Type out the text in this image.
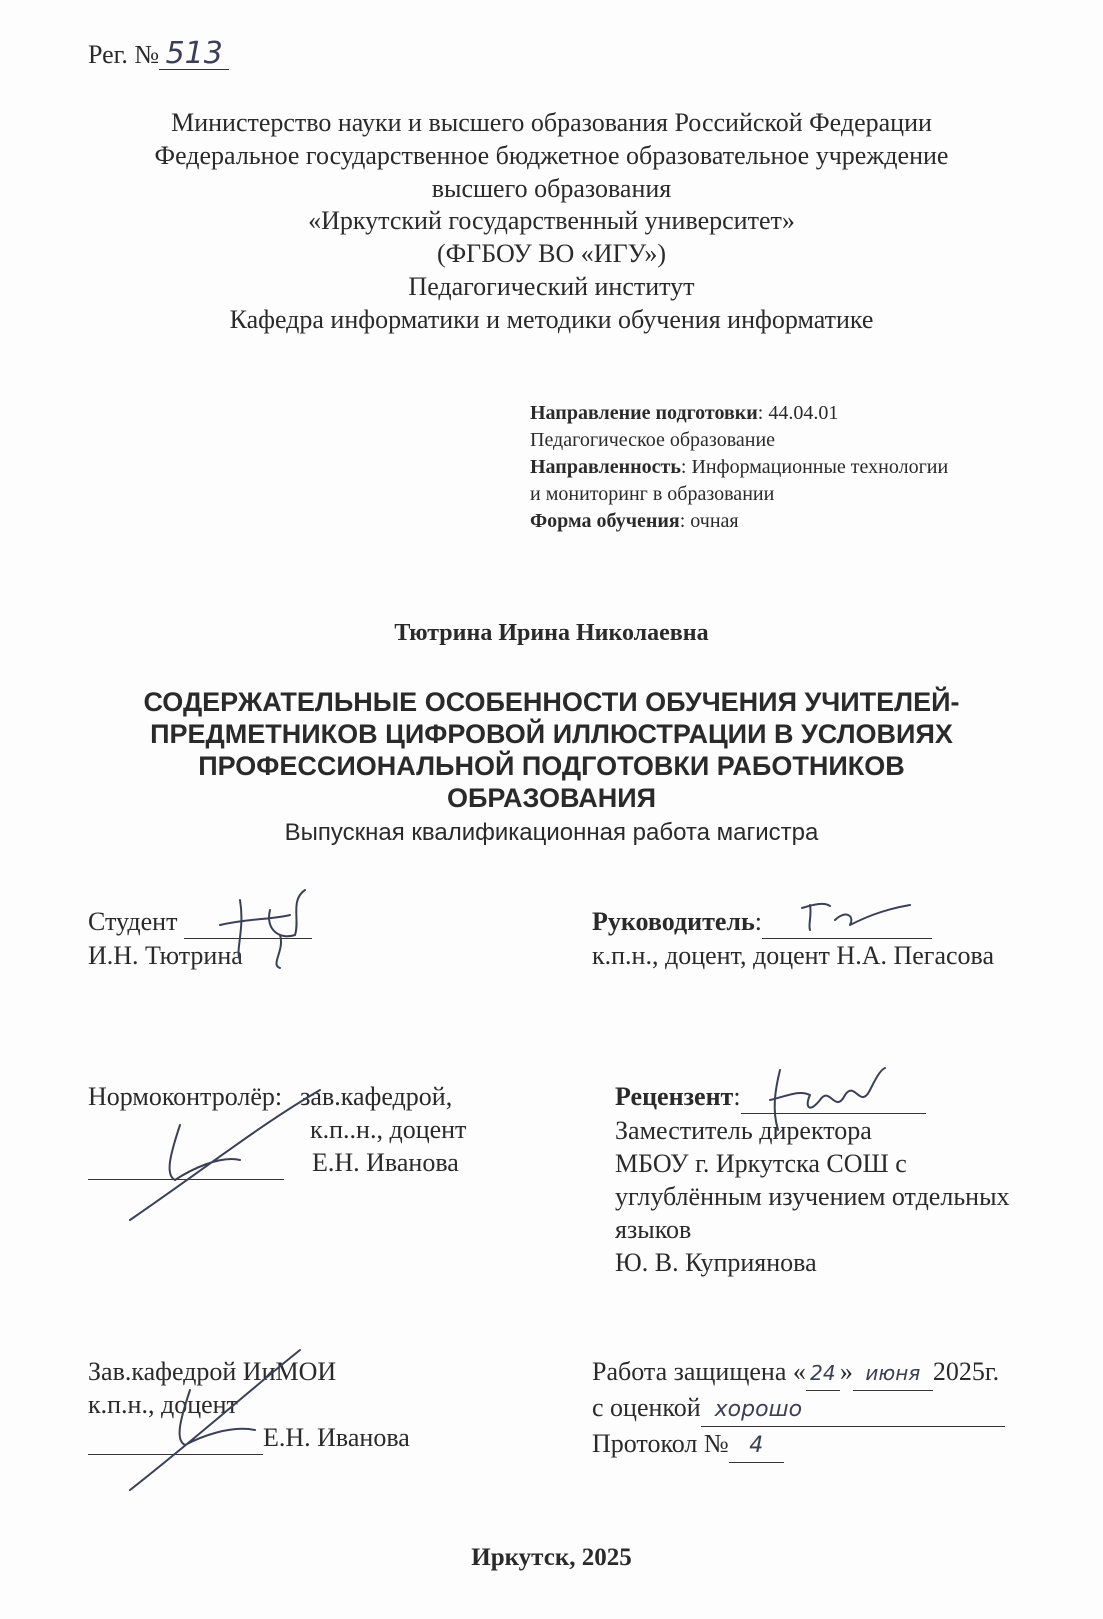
Рег. № 513
Министерство науки и высшего образования Российской Федерации
Федеральное государственное бюджетное образовательное учреждение
высшего образования
«Иркутский государственный университет»
(ФГБОУ ВО «ИГУ»)
Педагогический институт
Кафедра информатики и методики обучения информатике
Направление подготовки: 44.04.01
Педагогическое образование
Направленность: Информационные технологии
и мониторинг в образовании
Форма обучения: очная
Тютрина Ирина Николаевна
СОДЕРЖАТЕЛЬНЫЕ ОСОБЕННОСТИ ОБУЧЕНИЯ УЧИТЕЛЕЙ-
ПРЕДМЕТНИКОВ ЦИФРОВОЙ ИЛЛЮСТРАЦИИ В УСЛОВИЯХ
ПРОФЕССИОНАЛЬНОЙ ПОДГОТОВКИ РАБОТНИКОВ
ОБРАЗОВАНИЯ
Выпускная квалификационная работа магистра
Студент
И.Н. Тютрина
Руководитель:
к.п.н., доцент, доцент Н.А. Пегасова
Нормоконтролёр: зав.кафедрой,
к.п..н., доцент
Е.Н. Иванова
Рецензент:
Заместитель директора
МБОУ г. Иркутска СОШ с
углублённым изучением отдельных
языков
Ю. В. Куприянова
Зав.кафедрой ИиМОИ
к.п.н., доцент
Е.Н. Иванова
Работа защищена « 24 » июня 2025г.
с оценкой хорошо
Протокол № 4
Иркутск, 2025
